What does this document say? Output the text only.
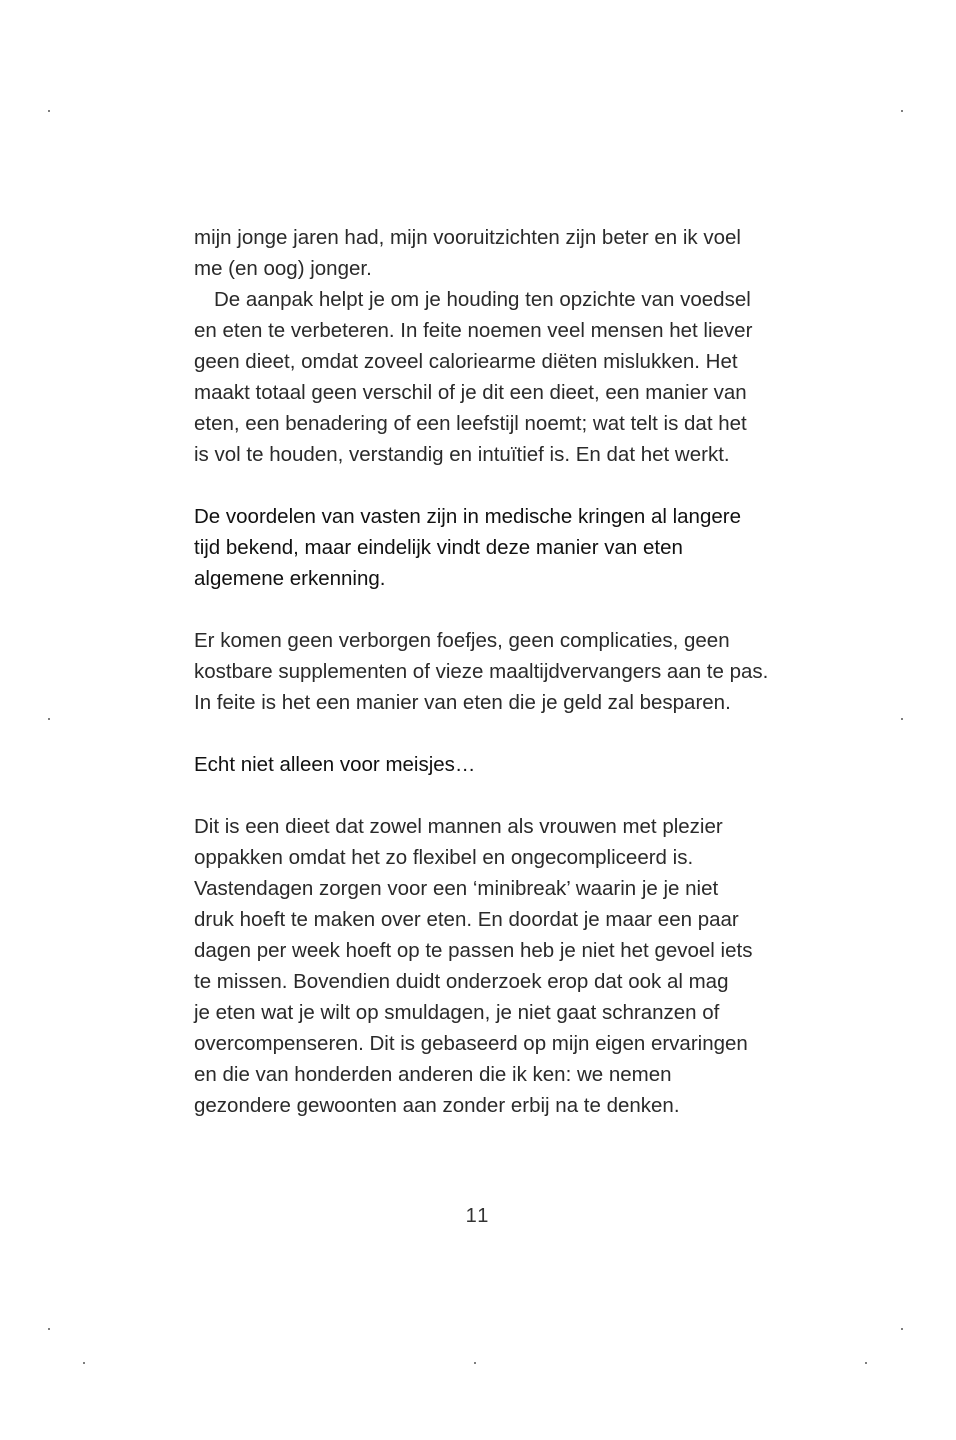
mijn jonge jaren had, mijn vooruitzichten zijn beter en ik voel
me (en oog) jonger.
De aanpak helpt je om je houding ten opzichte van voedsel
en eten te verbeteren. In feite noemen veel mensen het liever
geen dieet, omdat zoveel caloriearme diëten mislukken. Het
maakt totaal geen verschil of je dit een dieet, een manier van
eten, een benadering of een leefstijl noemt; wat telt is dat het
is vol te houden, verstandig en intuïtief is. En dat het werkt.
De voordelen van vasten zijn in medische kringen al langere
tijd bekend, maar eindelijk vindt deze manier van eten
algemene erkenning.
Er komen geen verborgen foefjes, geen complicaties, geen
kostbare supplementen of vieze maaltijdvervangers aan te pas.
In feite is het een manier van eten die je geld zal besparen.
Echt niet alleen voor meisjes…
Dit is een dieet dat zowel mannen als vrouwen met plezier
oppakken omdat het zo flexibel en ongecompliceerd is.
Vastendagen zorgen voor een ‘minibreak’ waarin je je niet
druk hoeft te maken over eten. En doordat je maar een paar
dagen per week hoeft op te passen heb je niet het gevoel iets
te missen. Bovendien duidt onderzoek erop dat ook al mag
je eten wat je wilt op smuldagen, je niet gaat schranzen of
overcompenseren. Dit is gebaseerd op mijn eigen ervaringen
en die van honderden anderen die ik ken: we nemen
gezondere gewoonten aan zonder erbij na te denken.
11
